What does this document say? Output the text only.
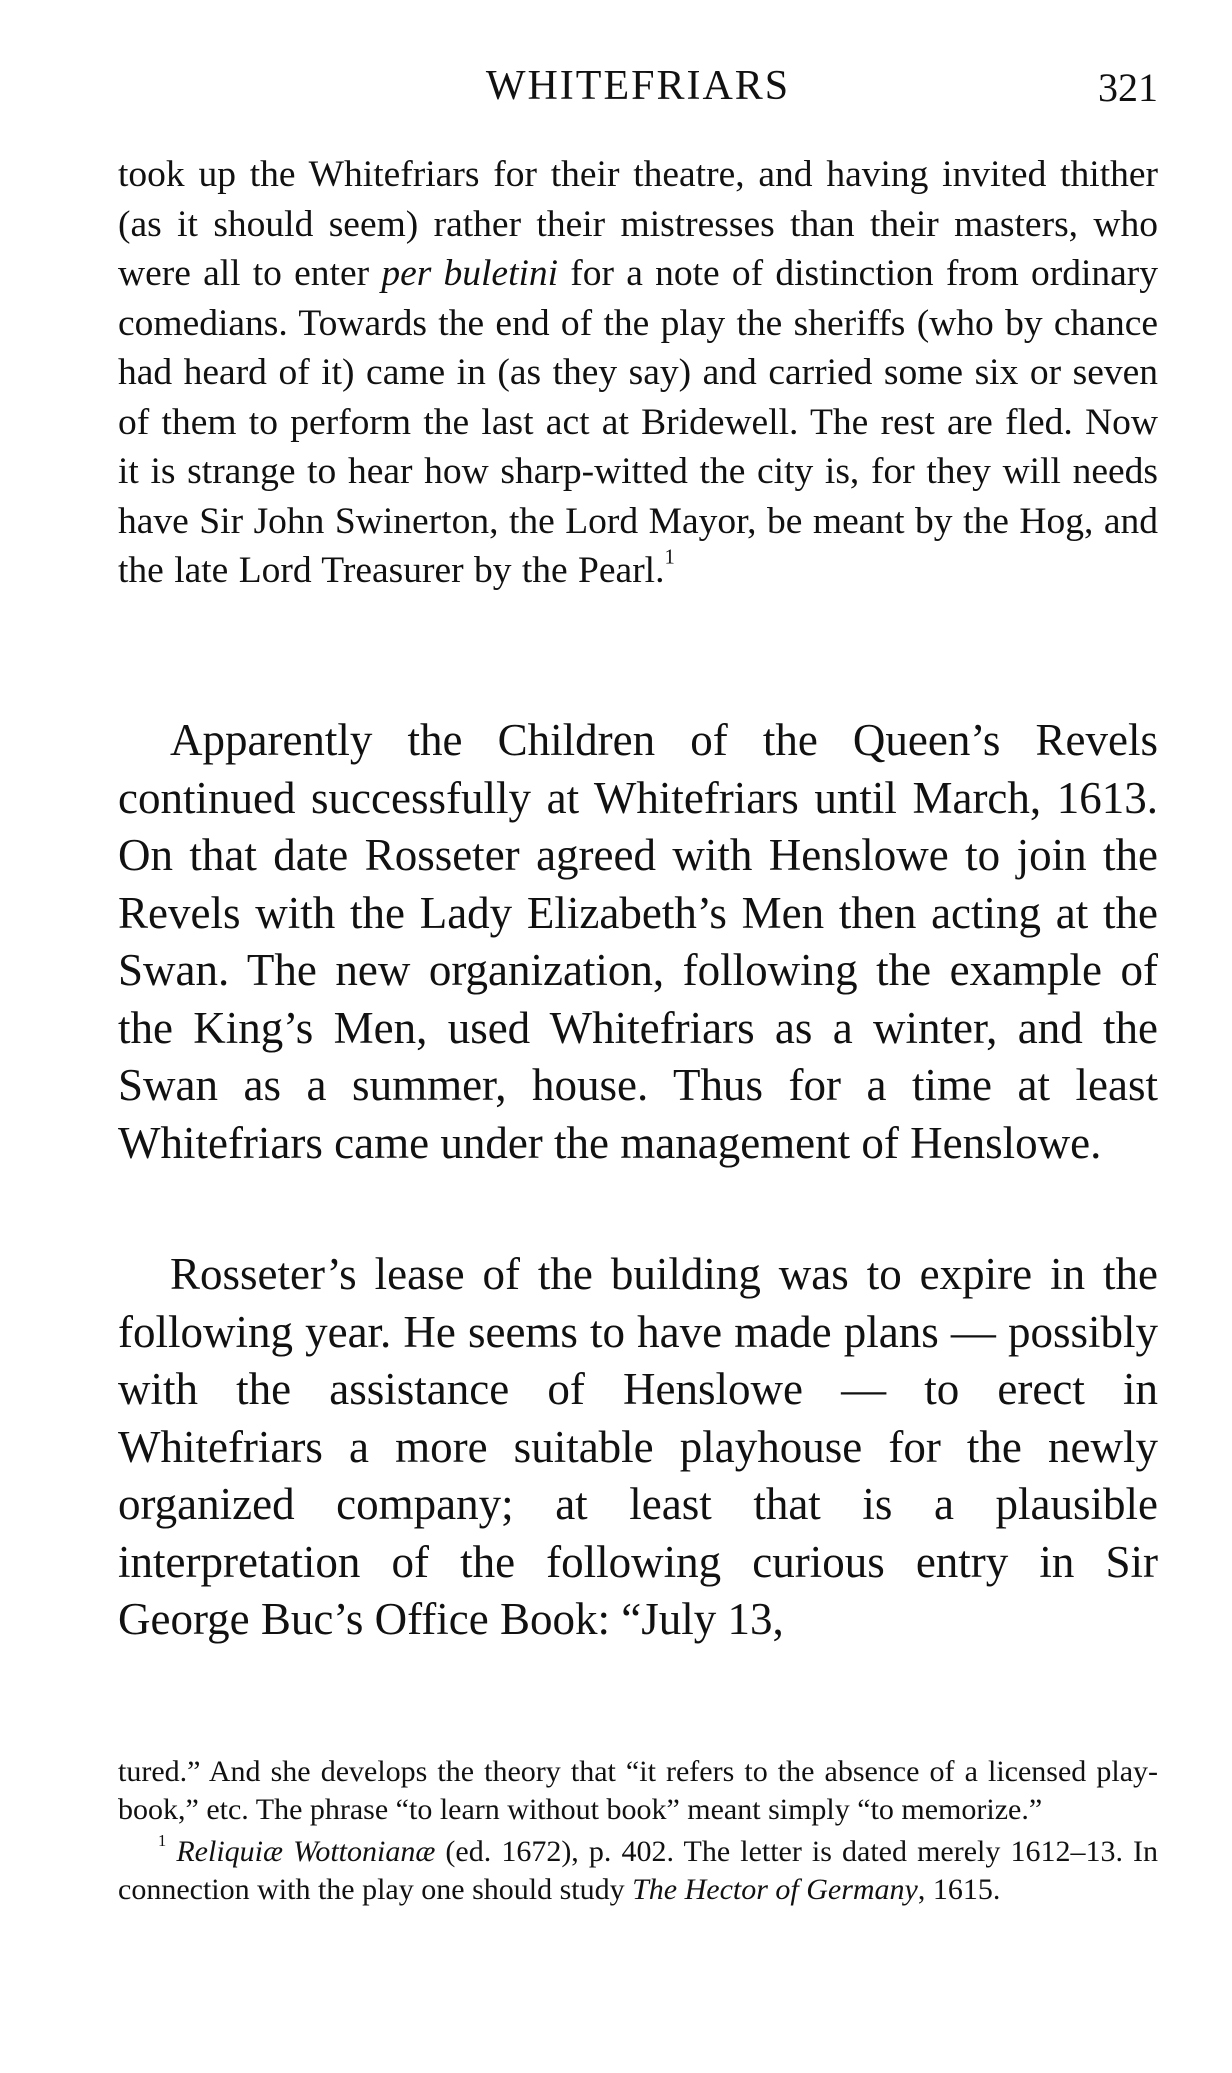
WHITEFRIARS	321

took up the Whitefriars for their theatre, and having invited thither (as it should seem) rather their mistresses than their masters, who were all to enter per buletini for a note of distinction from ordinary comedians. Towards the end of the play the sheriffs (who by chance had heard of it) came in (as they say) and carried some six or seven of them to perform the last act at Bridewell. The rest are fled. Now it is strange to hear how sharp-witted the city is, for they will needs have Sir John Swinerton, the Lord Mayor, be meant by the Hog, and the late Lord Treasurer by the Pearl.$^1$

Apparently the Children of the Queen’s Revels continued successfully at Whitefriars until March, 1613. On that date Rosseter agreed with Henslowe to join the Revels with the Lady Elizabeth’s Men then acting at the Swan. The new organization, following the example of the King’s Men, used Whitefriars as a winter, and the Swan as a summer, house. Thus for a time at least Whitefriars came under the management of Henslowe.

Rosseter’s lease of the building was to expire in the following year. He seems to have made plans — possibly with the assistance of Henslowe — to erect in Whitefriars a more suitable playhouse for the newly organized company; at least that is a plausible interpretation of the following curious entry in Sir George Buc’s Office Book: “July 13,

tured.” And she develops the theory that “it refers to the absence of a licensed play-book,” etc. The phrase “to learn without book” meant simply “to memorize.”

$^1$ Reliquiæ Wottonianæ (ed. 1672), p. 402. The letter is dated merely 1612–13. In connection with the play one should study The Hector of Germany, 1615.
